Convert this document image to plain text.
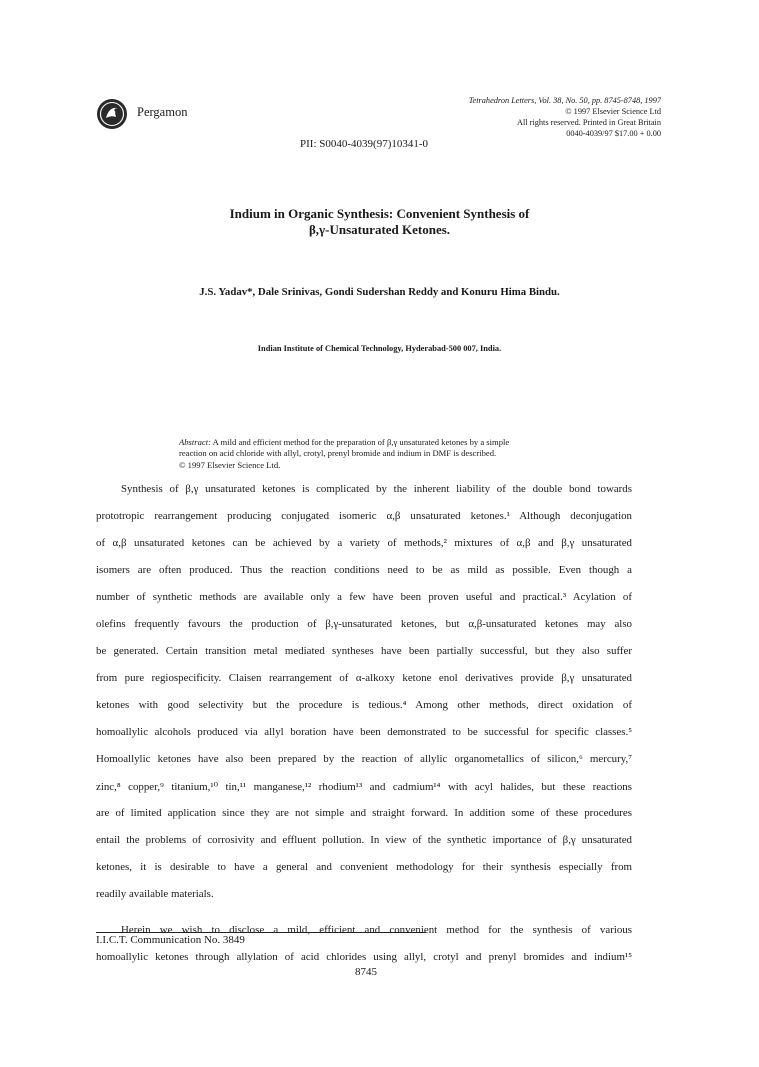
Pergamon
Tetrahedron Letters, Vol. 38, No. 50, pp. 8745-8748, 1997
© 1997 Elsevier Science Ltd
All rights reserved. Printed in Great Britain
0040-4039/97 $17.00 + 0.00
PII: S0040-4039(97)10341-0
Indium in Organic Synthesis: Convenient Synthesis of
β,γ-Unsaturated Ketones.
J.S. Yadav*, Dale Srinivas, Gondi Sudershan Reddy and Konuru Hima Bindu.
Indian Institute of Chemical Technology, Hyderabad-500 007, India.
Abstract: A mild and efficient method for the preparation of β,γ unsaturated ketones by a simple
reaction on acid chloride with allyl, crotyl, prenyl bromide and indium in DMF is described.
© 1997 Elsevier Science Ltd.
Synthesis of β,γ unsaturated ketones is complicated by the inherent liability of the double bond towards
prototropic rearrangement producing conjugated isomeric α,β unsaturated ketones.¹ Although deconjugation
of α,β unsaturated ketones can be achieved by a variety of methods,² mixtures of α,β and β,γ unsaturated
isomers are often produced. Thus the reaction conditions need to be as mild as possible. Even though a
number of synthetic methods are available only a few have been proven useful and practical.³ Acylation of
olefins frequently favours the production of β,γ-unsaturated ketones, but α,β-unsaturated ketones may also
be generated. Certain transition metal mediated syntheses have been partially successful, but they also suffer
from pure regiospecificity. Claisen rearrangement of α-alkoxy ketone enol derivatives provide β,γ unsaturated
ketones with good selectivity but the procedure is tedious.⁴ Among other methods, direct oxidation of
homoallylic alcohols produced via allyl boration have been demonstrated to be successful for specific classes.⁵
Homoallylic ketones have also been prepared by the reaction of allylic organometallics of silicon,⁶ mercury,⁷
zinc,⁸ copper,⁹ titanium,¹⁰ tin,¹¹ manganese,¹² rhodium¹³ and cadmium¹⁴ with acyl halides, but these reactions
are of limited application since they are not simple and straight forward. In addition some of these procedures
entail the problems of corrosivity and effluent pollution. In view of the synthetic importance of β,γ unsaturated
ketones, it is desirable to have a general and convenient methodology for their synthesis especially from
readily available materials.
Herein we wish to disclose a mild, efficient and convenient method for the synthesis of various
homoallylic ketones through allylation of acid chlorides using allyl, crotyl and prenyl bromides and indium¹⁵
I.I.C.T. Communication No. 3849
8745
